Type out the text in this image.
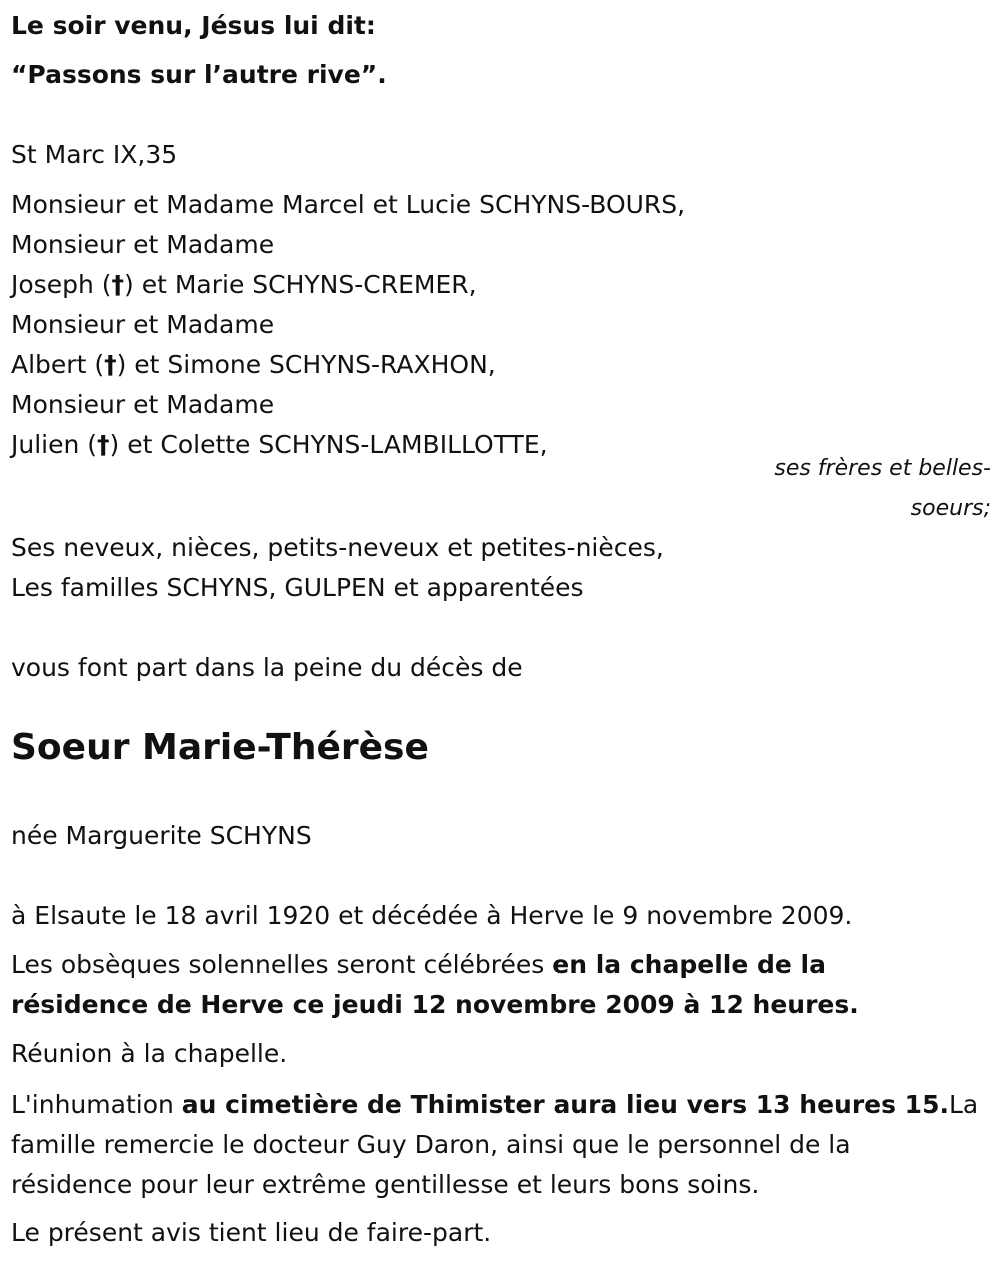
Le soir venu, Jésus lui dit:
“Passons sur l’autre rive”.
St Marc IX,35
Monsieur et Madame Marcel et Lucie SCHYNS-BOURS,
Monsieur et Madame
Joseph (†) et Marie SCHYNS-CREMER,
Monsieur et Madame
Albert (†) et Simone SCHYNS-RAXHON,
Monsieur et Madame
Julien (†) et Colette SCHYNS-LAMBILLOTTE,
ses frères et belles-
soeurs;
Ses neveux, nièces, petits-neveux et petites-nièces,
Les familles SCHYNS, GULPEN et apparentées
vous font part dans la peine du décès de
Soeur Marie-Thérèse
née Marguerite SCHYNS
à Elsaute le 18 avril 1920 et décédée à Herve le 9 novembre 2009.
Les obsèques solennelles seront célébrées en la chapelle de la
résidence de Herve ce jeudi 12 novembre 2009 à 12 heures.
Réunion à la chapelle.
L'inhumation au cimetière de Thimister aura lieu vers 13 heures 15.La
famille remercie le docteur Guy Daron, ainsi que le personnel de la
résidence pour leur extrême gentillesse et leurs bons soins.
Le présent avis tient lieu de faire-part.
